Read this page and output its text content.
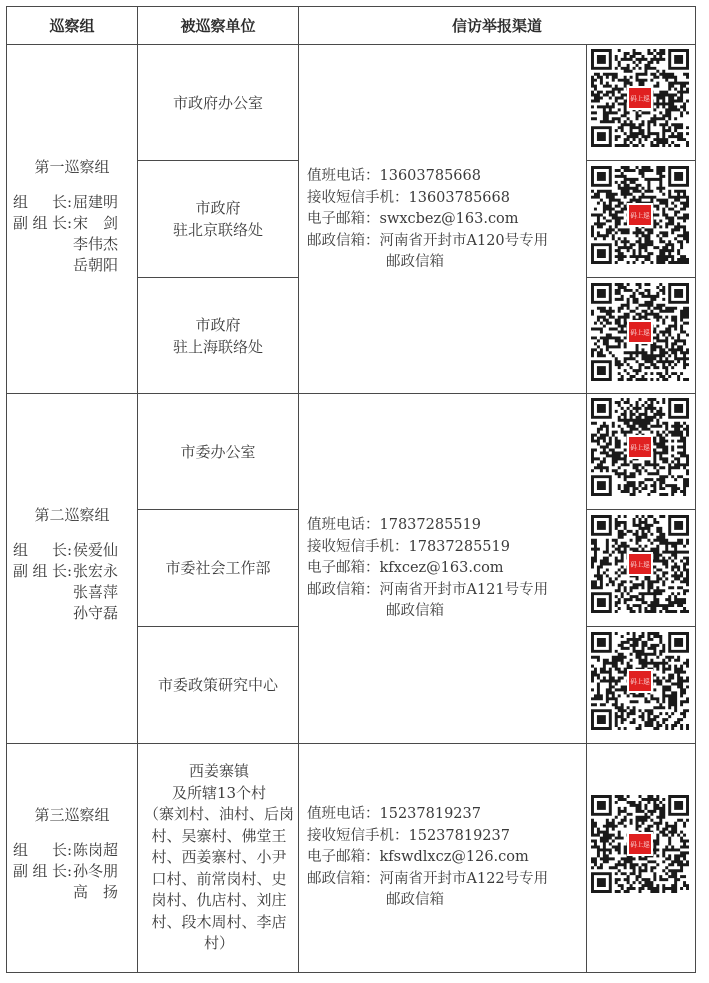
巡察组	被巡察单位	信访举报渠道
第一巡察组
组长 : 屈建明
副组长 : 宋　剑
李伟杰
岳朝阳
市政府办公室
市政府
驻北京联络处
市政府
驻上海联络处
值班电话： 13603785668
接收短信手机： 13603785668
电子邮箱： swxcbez@163.com
邮政信箱： 河南省开封市A120号专用
邮政信箱
第二巡察组
组长 : 侯爱仙
副组长 : 张宏永
张喜萍
孙守磊
市委办公室
市委社会工作部
市委政策研究中心
值班电话： 17837285519
接收短信手机： 17837285519
电子邮箱： kfxcez@163.com
邮政信箱： 河南省开封市A121号专用
邮政信箱
第三巡察组
组长 : 陈岗超
副组长 : 孙冬朋
高　扬
西姜寨镇
及所辖13个村
（寨刘村、油村、后岗
村、吴寨村、佛堂王
村、西姜寨村、小尹
口村、前常岗村、史
岗村、仇店村、刘庄
村、段木周村、李店
村）
值班电话： 15237819237
接收短信手机： 15237819237
电子邮箱： kfswdlxcz@126.com
邮政信箱： 河南省开封市A122号专用
邮政信箱
码上巡
码上巡
码上巡
码上巡
码上巡
码上巡
码上巡
